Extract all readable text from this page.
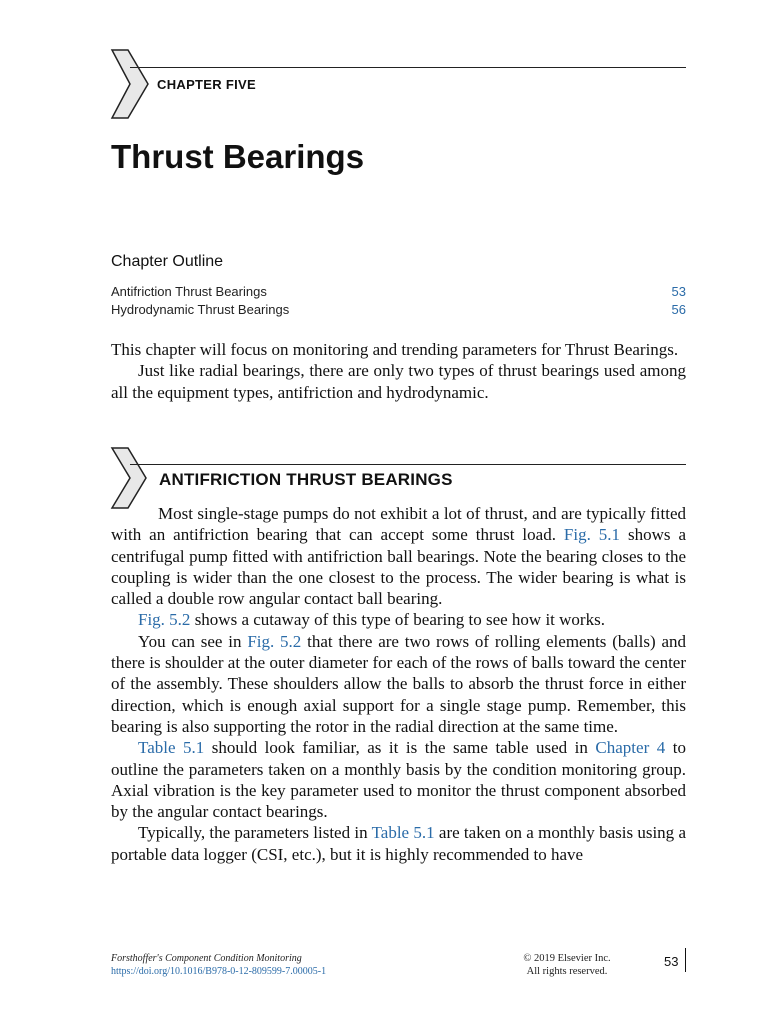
CHAPTER FIVE
Thrust Bearings
Chapter Outline
Antifriction Thrust Bearings	53
Hydrodynamic Thrust Bearings	56

This chapter will focus on monitoring and trending parameters for Thrust Bearings.

Just like radial bearings, there are only two types of thrust bearings used among all the equipment types, antifriction and hydrodynamic.

ANTIFRICTION THRUST BEARINGS

Most single-stage pumps do not exhibit a lot of thrust, and are typically fitted with an antifriction bearing that can accept some thrust load. Fig. 5.1 shows a centrifugal pump fitted with antifriction ball bearings. Note the bearing closes to the coupling is wider than the one closest to the process. The wider bearing is what is called a double row angular contact ball bearing.

Fig. 5.2 shows a cutaway of this type of bearing to see how it works.

You can see in Fig. 5.2 that there are two rows of rolling elements (balls) and there is shoulder at the outer diameter for each of the rows of balls toward the center of the assembly. These shoulders allow the balls to absorb the thrust force in either direction, which is enough axial support for a single stage pump. Remember, this bearing is also supporting the rotor in the radial direction at the same time.

Table 5.1 should look familiar, as it is the same table used in Chapter 4 to outline the parameters taken on a monthly basis by the condition monitoring group. Axial vibration is the key parameter used to monitor the thrust component absorbed by the angular contact bearings.

Typically, the parameters listed in Table 5.1 are taken on a monthly basis using a portable data logger (CSI, etc.), but it is highly recommended to have

Forsthoffer's Component Condition Monitoring
https://doi.org/10.1016/B978-0-12-809599-7.00005-1
© 2019 Elsevier Inc.
All rights reserved.
53
